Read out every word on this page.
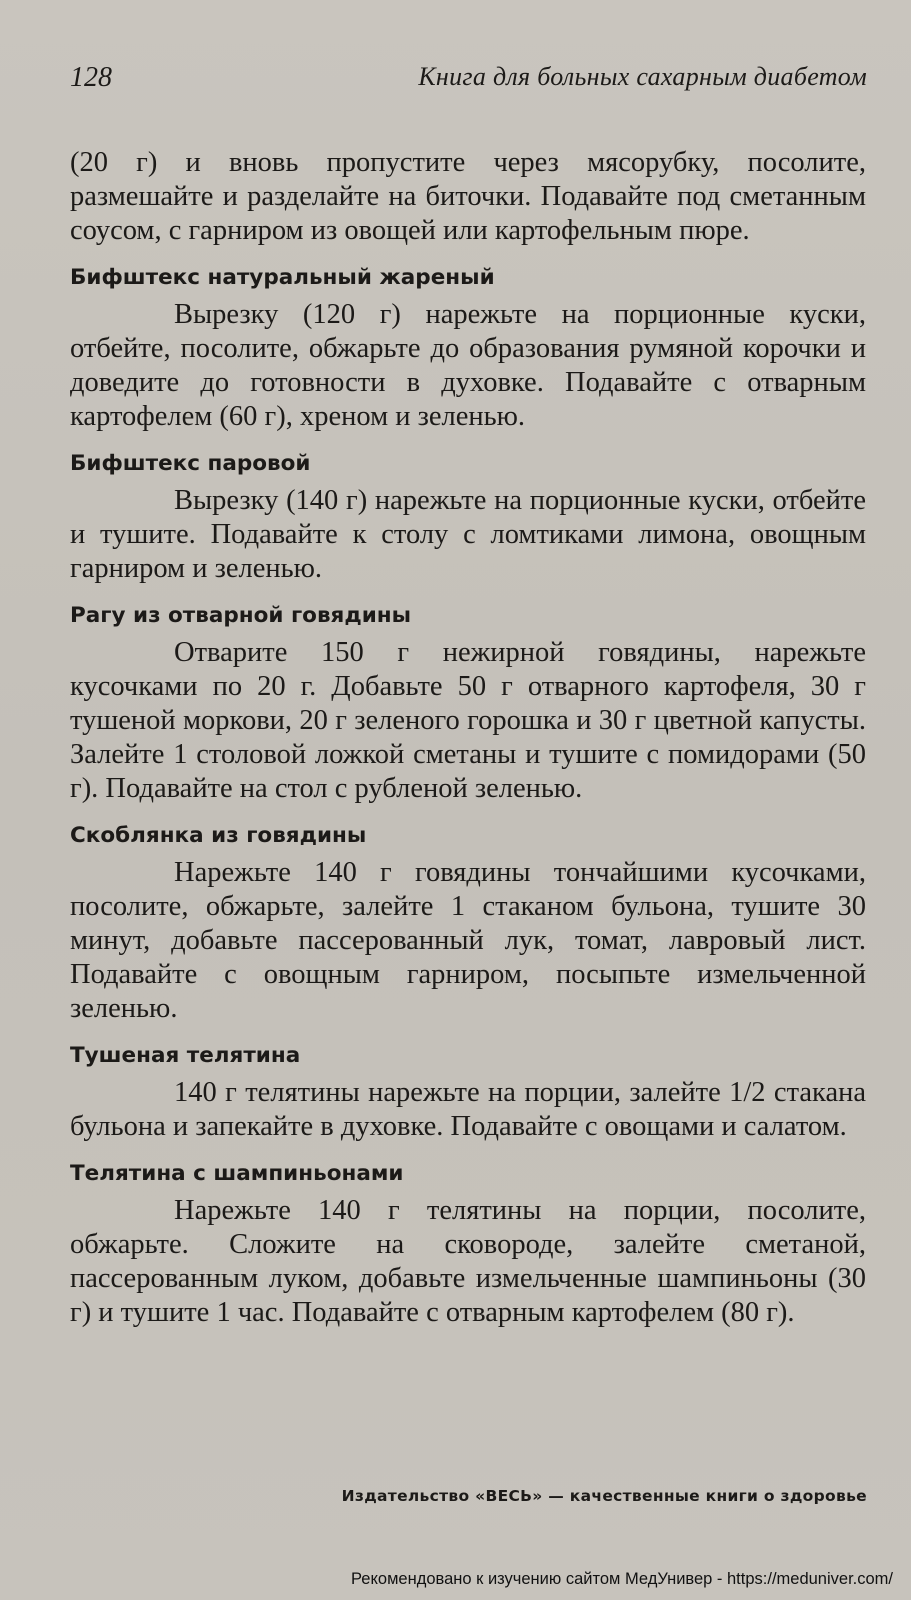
128	Книга для больных сахарным диабетом

(20 г) и вновь пропустите через мясорубку, посолите, размешайте и разделайте на биточки. Подавайте под сметанным соусом, с гарниром из овощей или картофельным пюре.

Бифштекс натуральный жареный

Вырезку (120 г) нарежьте на порционные куски, отбейте, посолите, обжарьте до образования румяной корочки и доведите до готовности в духовке. Подавайте с отварным картофелем (60 г), хреном и зеленью.

Бифштекс паровой

Вырезку (140 г) нарежьте на порционные куски, отбейте и тушите. Подавайте к столу с ломтиками лимона, овощным гарниром и зеленью.

Рагу из отварной говядины

Отварите 150 г нежирной говядины, нарежьте кусочками по 20 г. Добавьте 50 г отварного картофеля, 30 г тушеной моркови, 20 г зеленого горошка и 30 г цветной капусты. Залейте 1 столовой ложкой сметаны и тушите с помидорами (50 г). Подавайте на стол с рубленой зеленью.

Скоблянка из говядины

Нарежьте 140 г говядины тончайшими кусочками, посолите, обжарьте, залейте 1 стаканом бульона, тушите 30 минут, добавьте пассерованный лук, томат, лавровый лист. Подавайте с овощным гарниром, посыпьте измельченной зеленью.

Тушеная телятина

140 г телятины нарежьте на порции, залейте 1/2 стакана бульона и запекайте в духовке. Подавайте с овощами и салатом.

Телятина с шампиньонами

Нарежьте 140 г телятины на порции, посолите, обжарьте. Сложите на сковороде, залейте сметаной, пассерованным луком, добавьте измельченные шампиньоны (30 г) и тушите 1 час. Подавайте с отварным картофелем (80 г).

Издательство «ВЕСЬ» — качественные книги о здоровье
Рекомендовано к изучению сайтом МедУнивер - https://meduniver.com/
